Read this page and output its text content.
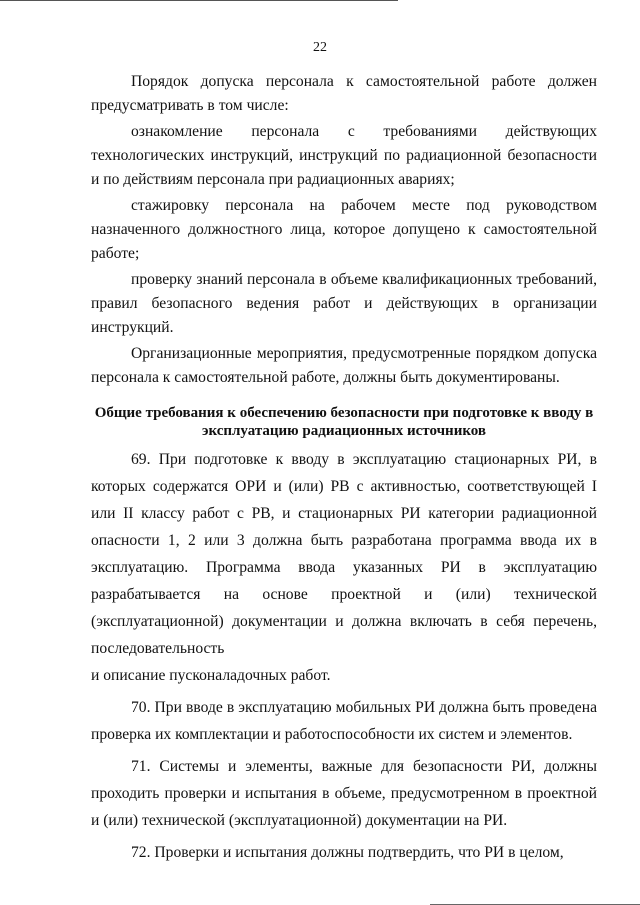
22

Порядок допуска персонала к самостоятельной работе должен предусматривать в том числе:

ознакомление персонала с требованиями действующих технологических инструкций, инструкций по радиационной безопасности и по действиям персонала при радиационных авариях;

стажировку персонала на рабочем месте под руководством назначенного должностного лица, которое допущено к самостоятельной работе;

проверку знаний персонала в объеме квалификационных требований, правил безопасного ведения работ и действующих в организации инструкций.

Организационные мероприятия, предусмотренные порядком допуска персонала к самостоятельной работе, должны быть документированы.

Общие требования к обеспечению безопасности при подготовке к вводу в эксплуатацию радиационных источников

69. При подготовке к вводу в эксплуатацию стационарных РИ, в которых содержатся ОРИ и (или) РВ с активностью, соответствующей I или II классу работ с РВ, и стационарных РИ категории радиационной опасности 1, 2 или 3 должна быть разработана программа ввода их в эксплуатацию. Программа ввода указанных РИ в эксплуатацию разрабатывается на основе проектной и (или) технической (эксплуатационной) документации и должна включать в себя перечень, последовательность

и описание пусконаладочных работ.

70. При вводе в эксплуатацию мобильных РИ должна быть проведена проверка их комплектации и работоспособности их систем и элементов.

71. Системы и элементы, важные для безопасности РИ, должны проходить проверки и испытания в объеме, предусмотренном в проектной и (или) технической (эксплуатационной) документации на РИ.

72. Проверки и испытания должны подтвердить, что РИ в целом,
